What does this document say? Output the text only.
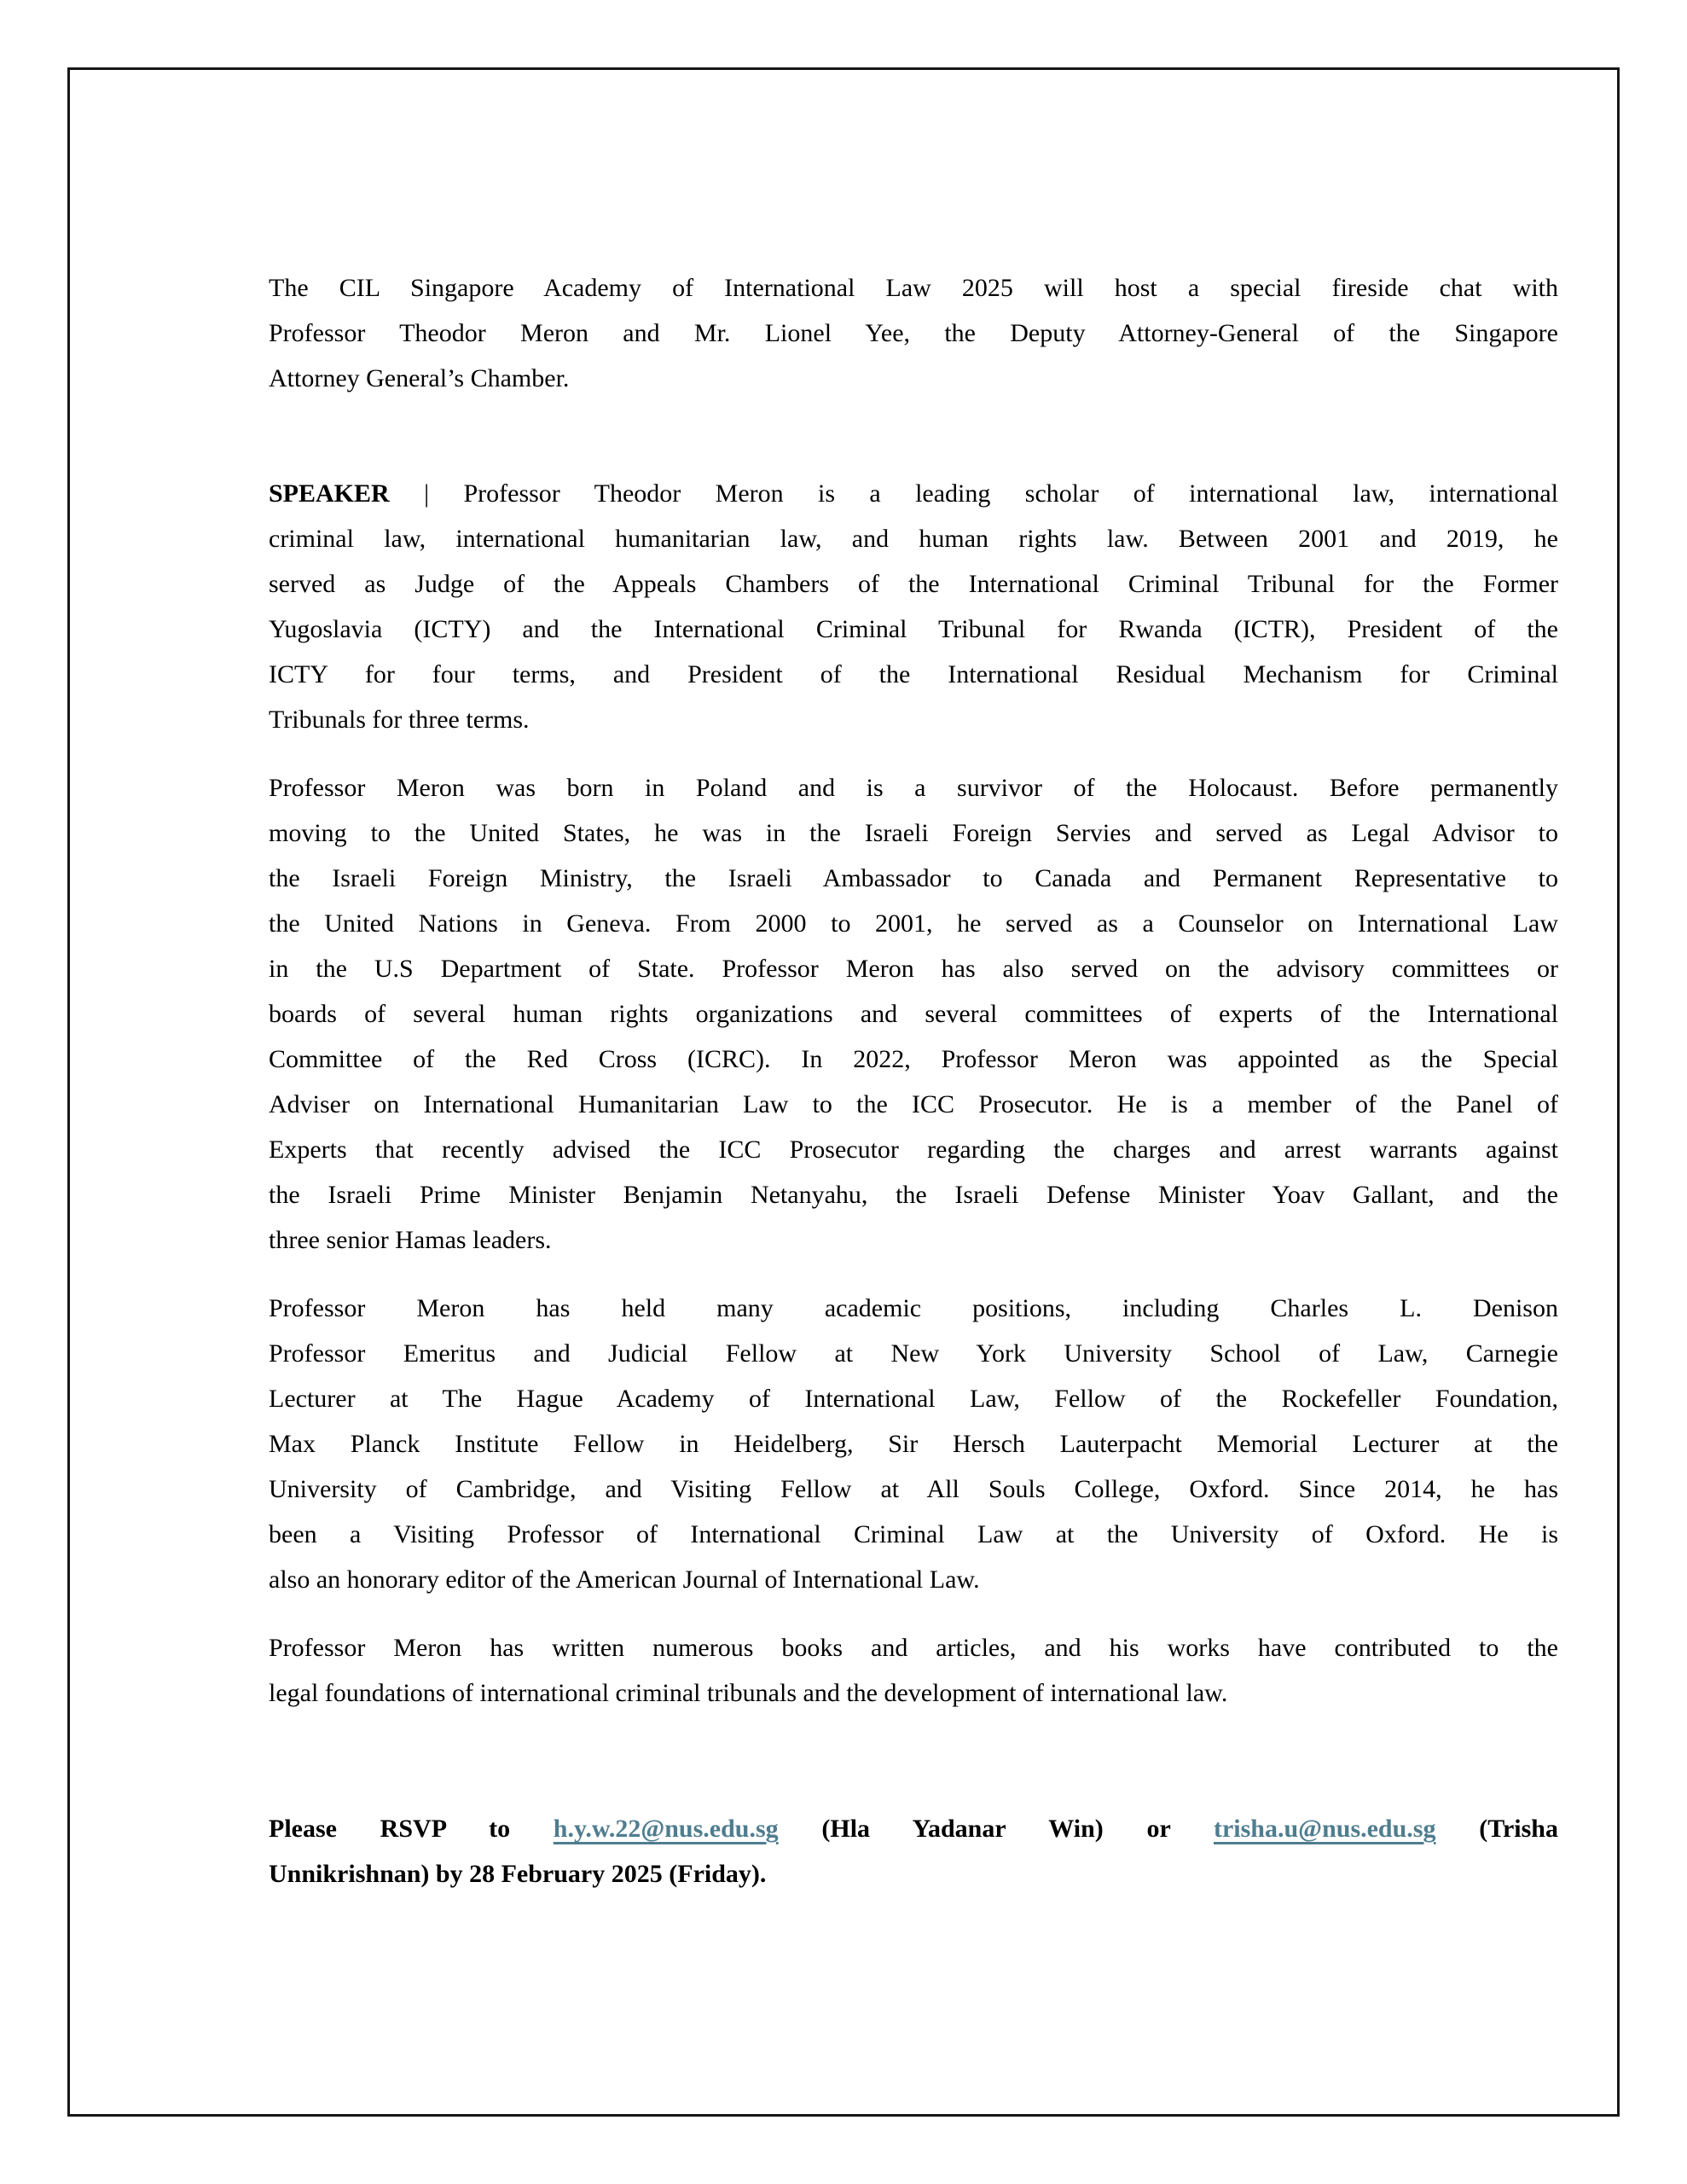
The CIL Singapore Academy of International Law 2025 will host a special fireside chat with
Professor Theodor Meron and Mr. Lionel Yee, the Deputy Attorney-General of the Singapore
Attorney General’s Chamber.
SPEAKER | Professor Theodor Meron is a leading scholar of international law, international
criminal law, international humanitarian law, and human rights law. Between 2001 and 2019, he
served as Judge of the Appeals Chambers of the International Criminal Tribunal for the Former
Yugoslavia (ICTY) and the International Criminal Tribunal for Rwanda (ICTR), President of the
ICTY for four terms, and President of the International Residual Mechanism for Criminal
Tribunals for three terms.
Professor Meron was born in Poland and is a survivor of the Holocaust. Before permanently
moving to the United States, he was in the Israeli Foreign Servies and served as Legal Advisor to
the Israeli Foreign Ministry, the Israeli Ambassador to Canada and Permanent Representative to
the United Nations in Geneva. From 2000 to 2001, he served as a Counselor on International Law
in the U.S Department of State. Professor Meron has also served on the advisory committees or
boards of several human rights organizations and several committees of experts of the International
Committee of the Red Cross (ICRC). In 2022, Professor Meron was appointed as the Special
Adviser on International Humanitarian Law to the ICC Prosecutor. He is a member of the Panel of
Experts that recently advised the ICC Prosecutor regarding the charges and arrest warrants against
the Israeli Prime Minister Benjamin Netanyahu, the Israeli Defense Minister Yoav Gallant, and the
three senior Hamas leaders.
Professor Meron has held many academic positions, including Charles L. Denison
Professor Emeritus and Judicial Fellow at New York University School of Law, Carnegie
Lecturer at The Hague Academy of International Law, Fellow of the Rockefeller Foundation,
Max Planck Institute Fellow in Heidelberg, Sir Hersch Lauterpacht Memorial Lecturer at the
University of Cambridge, and Visiting Fellow at All Souls College, Oxford. Since 2014, he has
been a Visiting Professor of International Criminal Law at the University of Oxford. He is
also an honorary editor of the American Journal of International Law.
Professor Meron has written numerous books and articles, and his works have contributed to the
legal foundations of international criminal tribunals and the development of international law.
Please RSVP to h.y.w.22@nus.edu.sg (Hla Yadanar Win) or trisha.u@nus.edu.sg (Trisha
Unnikrishnan) by 28 February 2025 (Friday).
